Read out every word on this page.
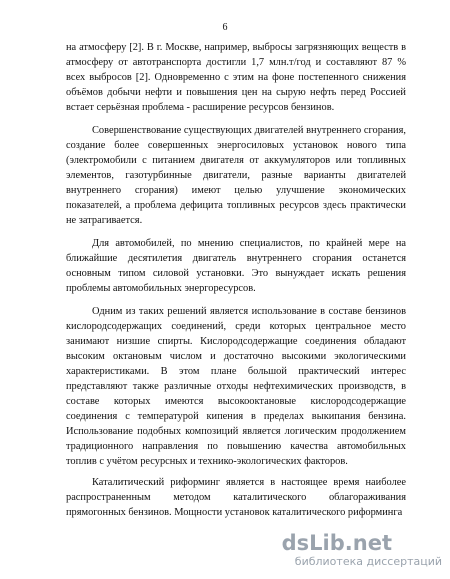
6

на атмосферу [2]. В г. Москве, например, выбросы загрязняющих веществ в атмосферу от автотранспорта достигли 1,7 млн.т/год и составляют 87 % всех выбросов [2]. Одновременно с этим на фоне постепенного снижения объёмов добычи нефти и повышения цен на сырую нефть перед Россией встает серьёзная проблема - расширение ресурсов бензинов.

Совершенствование существующих двигателей внутреннего сгорания, создание более совершенных энергосиловых установок нового типа (электромобили с питанием двигателя от аккумуляторов или топливных элементов, газотурбинные двигатели, разные варианты двигателей внутреннего сгорания) имеют целью улучшение экономических показателей, а проблема дефицита топливных ресурсов здесь практически не затрагивается.

Для автомобилей, по мнению специалистов, по крайней мере на ближайшие десятилетия двигатель внутреннего сгорания останется основным типом силовой установки. Это вынуждает искать решения проблемы автомобильных энергоресурсов.

Одним из таких решений является использование в составе бензинов кислородсодержащих соединений, среди которых центральное место занимают низшие спирты. Кислородсодержащие соединения обладают высоким октановым числом и достаточно высокими экологическими характеристиками. В этом плане большой практический интерес представляют также различные отходы нефтехимических производств, в составе которых имеются высокооктановые кислородсодержащие соединения с температурой кипения в пределах выкипания бензина. Использование подобных композиций является логическим продолжением традиционного направления по повышению качества автомобильных топлив с учётом ресурсных и технико-экологических факторов.

Каталитический риформинг является в настоящее время наиболее распространенным методом каталитического облагораживания прямогонных бензинов. Мощности установок каталитического риформинга

dsLib.net
библиотека диссертаций
